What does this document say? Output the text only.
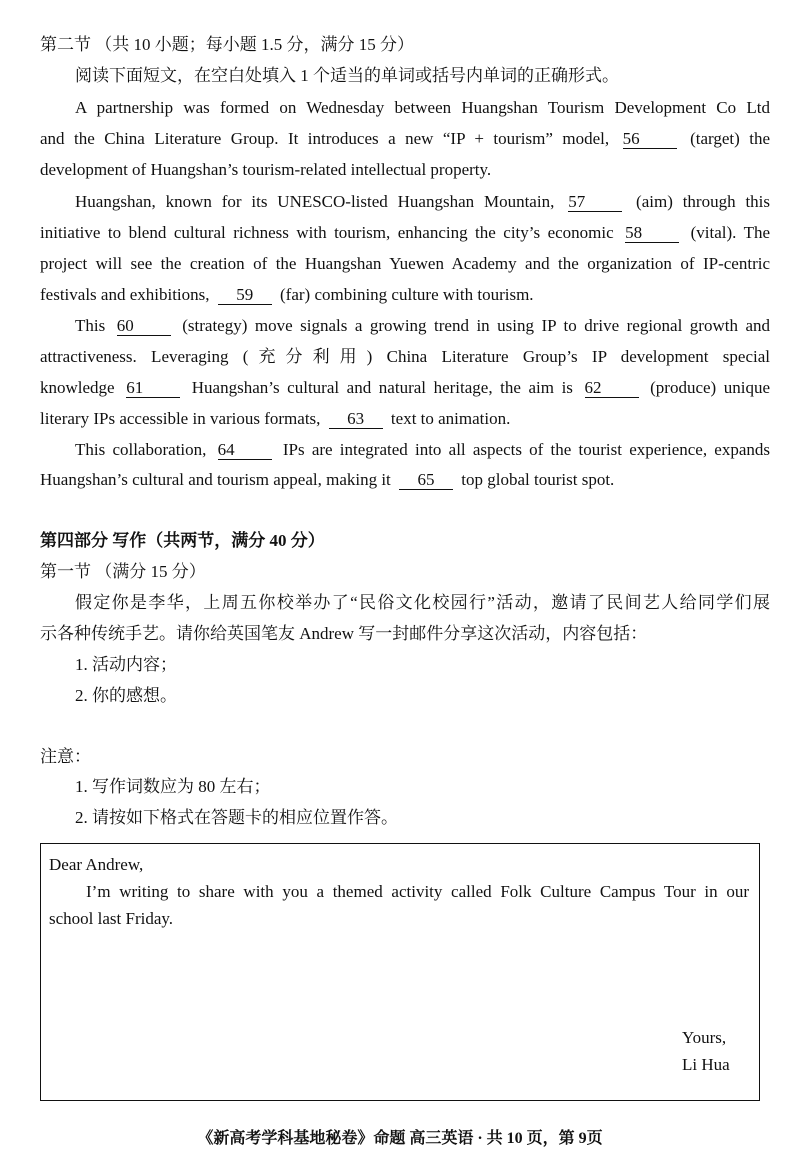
第二节 （共 10 小题；每小题 1.5 分，满分 15 分）
阅读下面短文，在空白处填入 1 个适当的单词或括号内单词的正确形式。
A partnership was formed on Wednesday between Huangshan Tourism Development Co Ltd
and the China Literature Group. It introduces a new “IP + tourism” model, 56	(target) the
development of Huangshan’s tourism-related intellectual property.
Huangshan, known for its UNESCO-listed Huangshan Mountain, 57	(aim) through this
initiative to blend cultural richness with tourism, enhancing the city’s economic 58	(vital). The
project will see the creation of the Huangshan Yuewen Academy and the organization of IP-centric
festivals and exhibitions, 59 (far) combining culture with tourism.
This 60	(strategy) move signals a growing trend in using IP to drive regional growth and
attractiveness. Leveraging (充分利用) China Literature Group’s IP development special
knowledge 61	Huangshan’s cultural and natural heritage, the aim is 62	(produce) unique
literary IPs accessible in various formats, 63 text to animation.
This collaboration, 64	IPs are integrated into all aspects of the tourist experience, expands
Huangshan’s cultural and tourism appeal, making it 65 top global tourist spot.
第四部分 写作（共两节，满分 40 分）
第一节 （满分 15 分）
假定你是李华，上周五你校举办了“民俗文化校园行”活动，邀请了民间艺人给同学们展
示各种传统手艺。请你给英国笔友 Andrew 写一封邮件分享这次活动，内容包括：
1. 活动内容；
2. 你的感想。
注意：
1. 写作词数应为 80 左右；
2. 请按如下格式在答题卡的相应位置作答。
Dear Andrew,
I’m writing to share with you a themed activity called Folk Culture Campus Tour in our
school last Friday.
Yours,
Li Hua
《新高考学科基地秘卷》命题 高三英语 · 共 10 页，第 9页
